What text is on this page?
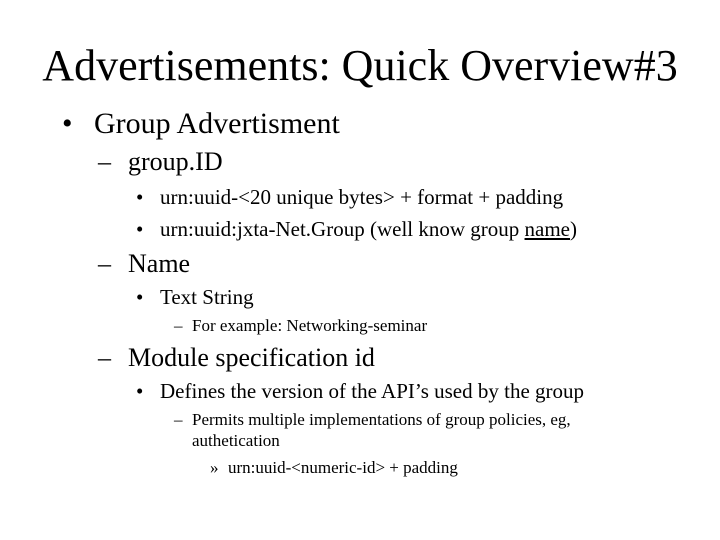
Advertisements: Quick Overview#3
• Group Advertisment
– group.ID
• urn:uuid-<20 unique bytes> + format + padding
• urn:uuid:jxta-Net.Group (well know group name)
– Name
• Text String
– For example: Networking-seminar
– Module specification id
• Defines the version of the API’s used by the group
– Permits multiple implementations of group policies, eg,
authetication
» urn:uuid-<numeric-id> + padding
